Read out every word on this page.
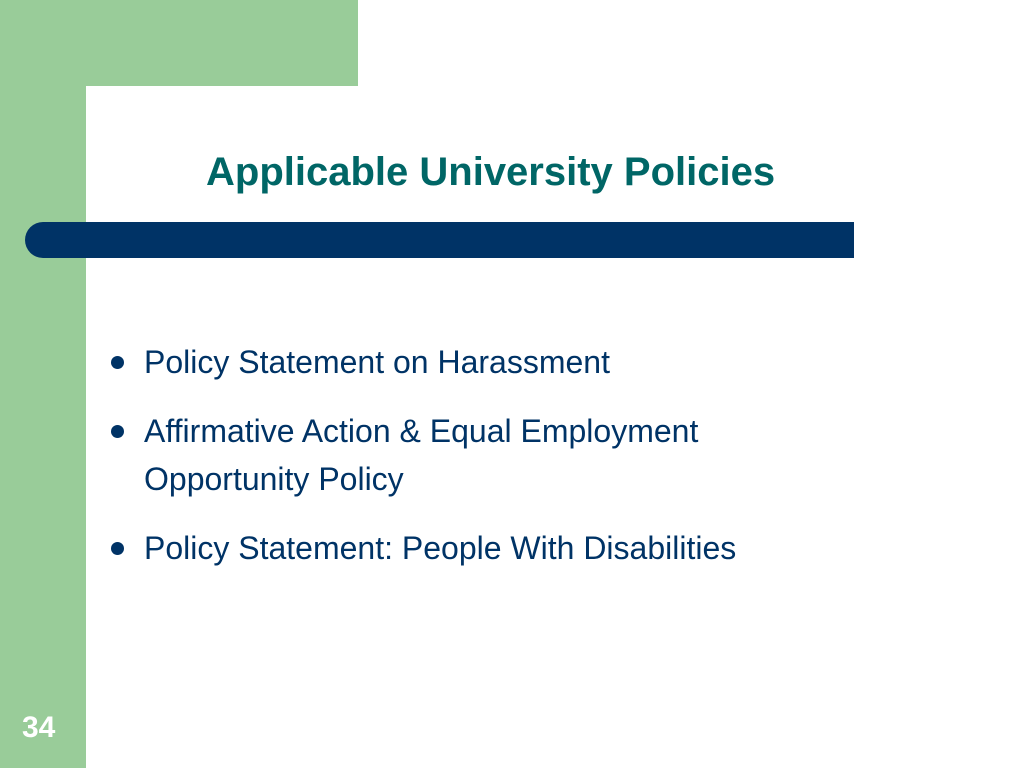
Applicable University Policies
Policy Statement on Harassment
Affirmative Action & Equal Employment
Opportunity Policy
Policy Statement: People With Disabilities
34
